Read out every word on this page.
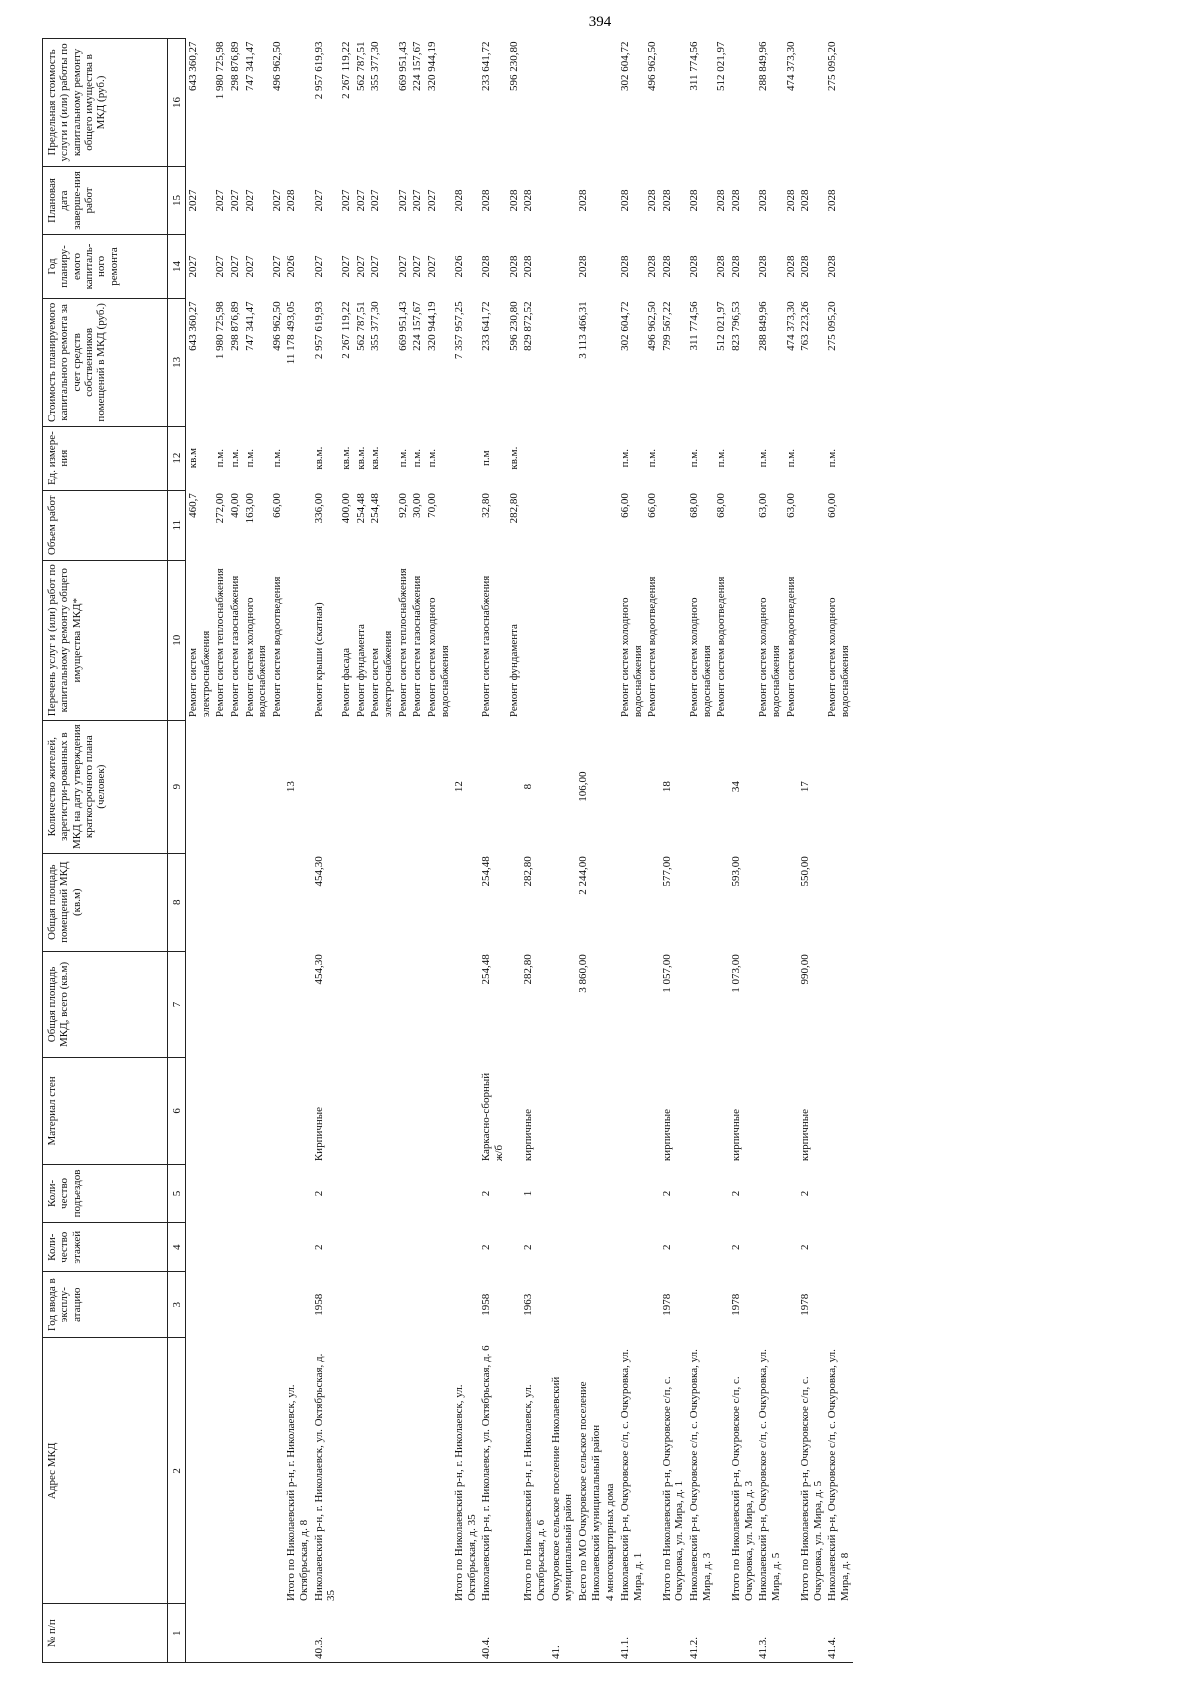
394
№ п/п	Адрес МКД	Год ввода в эксплу-атацию	Коли-чество этажей	Коли-чество подъездов	Материал стен	Общая площадь МКД, всего (кв.м)	Общая площадь помещений МКД (кв.м)	Количество жителей, зарегистри-рованных в МКД на дату утверждения краткосрочного плана (человек)	Перечень услуг и (или) работ по капитальному ремонту общего имущества МКД*	Объем работ	Ед. измере-ния	Стоимость планируемого капитального ремонта за счет средств собственников помещений в МКД (руб.)	Год планиру-емого капиталь-ного ремонта	Плановая дата заверше-ния работ	Предельная стоимость услуги и (или) работы по капитальному ремонту общего имущества в МКД (руб.)
1	2	3	4	5	6	7	8	9	10	11	12	13	14	15	16
									Ремонт систем электроснабжения	460,7	кв.м	643 360,27	2027	2027	643 360,27
									Ремонт систем теплоснабжения	272,00	п.м.	1 980 725,98	2027	2027	1 980 725,98
									Ремонт систем газоснабжения	40,00	п.м.	298 876,89	2027	2027	298 876,89
									Ремонт систем холодного водоснабжения	163,00	п.м.	747 341,47	2027	2027	747 341,47
									Ремонт систем водоотведения	66,00	п.м.	496 962,50	2027	2027	496 962,50
	Итого по Николаевский р-н, г. Николаевск, ул. Октябрьская, д. 8							13				11 178 493,05	2026	2028	
40.3.	Николаевский р-н, г. Николаевск, ул. Октябрьская, д. 35	1958	2	2	Кирпичные	454,30	454,30		Ремонт крыши (скатная)	336,00	кв.м.	2 957 619,93	2027	2027	2 957 619,93
									Ремонт фасада	400,00	кв.м.	2 267 119,22	2027	2027	2 267 119,22
									Ремонт фундамента	254,48	кв.м.	562 787,51	2027	2027	562 787,51
									Ремонт систем электроснабжения	254,48	кв.м.	355 377,30	2027	2027	355 377,30
									Ремонт систем теплоснабжения	92,00	п.м.	669 951,43	2027	2027	669 951,43
									Ремонт систем газоснабжения	30,00	п.м.	224 157,67	2027	2027	224 157,67
									Ремонт систем холодного водоснабжения	70,00	п.м.	320 944,19	2027	2027	320 944,19
	Итого по Николаевский р-н, г. Николаевск, ул. Октябрьская, д. 35							12				7 357 957,25	2026	2028	
40.4.	Николаевский р-н, г. Николаевск, ул. Октябрьская, д. 6	1958	2	2	Каркасно-сборный ж/б	254,48	254,48		Ремонт систем газоснабжения	32,80	п.м	233 641,72	2028	2028	233 641,72
									Ремонт фундамента	282,80	кв.м.	596 230,80	2028	2028	596 230,80
	Итого по Николаевский р-н, г. Николаевск, ул. Октябрьская, д. 6	1963	2	1	кирпичные	282,80	282,80	8				829 872,52	2028	2028	
41.	Очкуровское сельское поселение Николаевский муниципальный район														
	Всего по МО Очкуровское сельское поселение Николаевский муниципальный район					3 860,00	2 244,00	106,00				3 113 466,31	2028	2028	
	4 многоквартирных дома														
41.1.	Николаевский р-н, Очкуровское с/п, с. Очкуровка, ул. Мира, д. 1								Ремонт систем холодного водоснабжения	66,00	п.м.	302 604,72	2028	2028	302 604,72
									Ремонт систем водоотведения	66,00	п.м.	496 962,50	2028	2028	496 962,50
	Итого по Николаевский р-н, Очкуровское с/п, с. Очкуровка, ул. Мира, д. 1	1978	2	2	кирпичные	1 057,00	577,00	18				799 567,22	2028	2028	
41.2.	Николаевский р-н, Очкуровское с/п, с. Очкуровка, ул. Мира, д. 3								Ремонт систем холодного водоснабжения	68,00	п.м.	311 774,56	2028	2028	311 774,56
									Ремонт систем водоотведения	68,00	п.м.	512 021,97	2028	2028	512 021,97
	Итого по Николаевский р-н, Очкуровское с/п, с. Очкуровка, ул. Мира, д. 3	1978	2	2	кирпичные	1 073,00	593,00	34				823 796,53	2028	2028	
41.3.	Николаевский р-н, Очкуровское с/п, с. Очкуровка, ул. Мира, д. 5								Ремонт систем холодного водоснабжения	63,00	п.м.	288 849,96	2028	2028	288 849,96
									Ремонт систем водоотведения	63,00	п.м.	474 373,30	2028	2028	474 373,30
	Итого по Николаевский р-н, Очкуровское с/п, с. Очкуровка, ул. Мира, д. 5	1978	2	2	кирпичные	990,00	550,00	17				763 223,26	2028	2028	
41.4.	Николаевский р-н, Очкуровское с/п, с. Очкуровка, ул. Мира, д. 8								Ремонт систем холодного водоснабжения	60,00	п.м.	275 095,20	2028	2028	275 095,20
